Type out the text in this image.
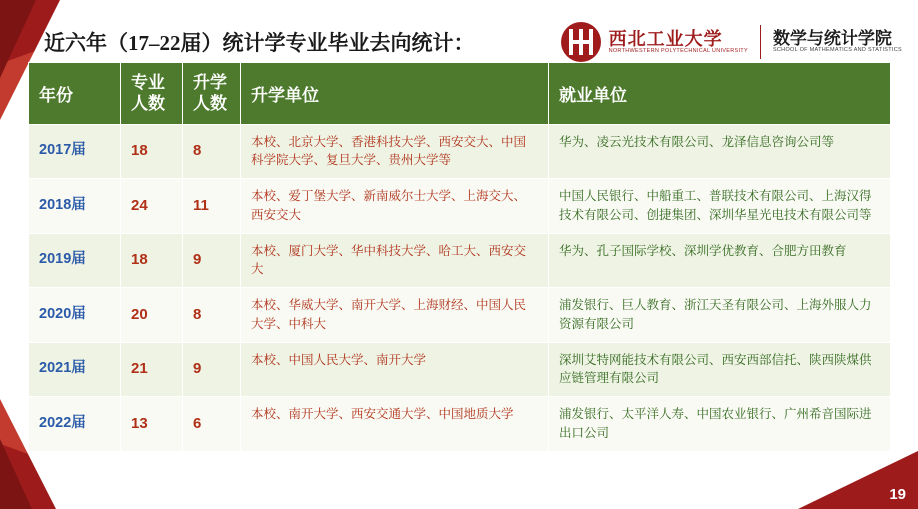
19
近六年（17–22届）统计学专业毕业去向统计：	西北工业大学
NORTHWESTERN POLYTECHNICAL UNIVERSITY
数学与统计学院
SCHOOL OF MATHEMATICS AND STATISTICS
年份	专业人数	升学人数	升学单位	就业单位
2017届	18	8	本校、北京大学、香港科技大学、西安交大、中国科学院大学、复旦大学、贵州大学等	华为、凌云光技术有限公司、龙泽信息咨询公司等
2018届	24	11	本校、爱丁堡大学、新南威尔士大学、上海交大、西安交大	中国人民银行、中船重工、普联技术有限公司、上海汉得技术有限公司、创捷集团、深圳华星光电技术有限公司等
2019届	18	9	本校、厦门大学、华中科技大学、哈工大、西安交大	华为、孔子国际学校、深圳学优教育、合肥方田教育
2020届	20	8	本校、华威大学、南开大学、上海财经、中国人民大学、中科大	浦发银行、巨人教育、浙江天圣有限公司、上海外服人力资源有限公司
2021届	21	9	本校、中国人民大学、南开大学	深圳艾特网能技术有限公司、西安西部信托、陕西陕煤供应链管理有限公司
2022届	13	6	本校、南开大学、西安交通大学、中国地质大学	浦发银行、太平洋人寿、中国农业银行、广州希音国际进出口公司
